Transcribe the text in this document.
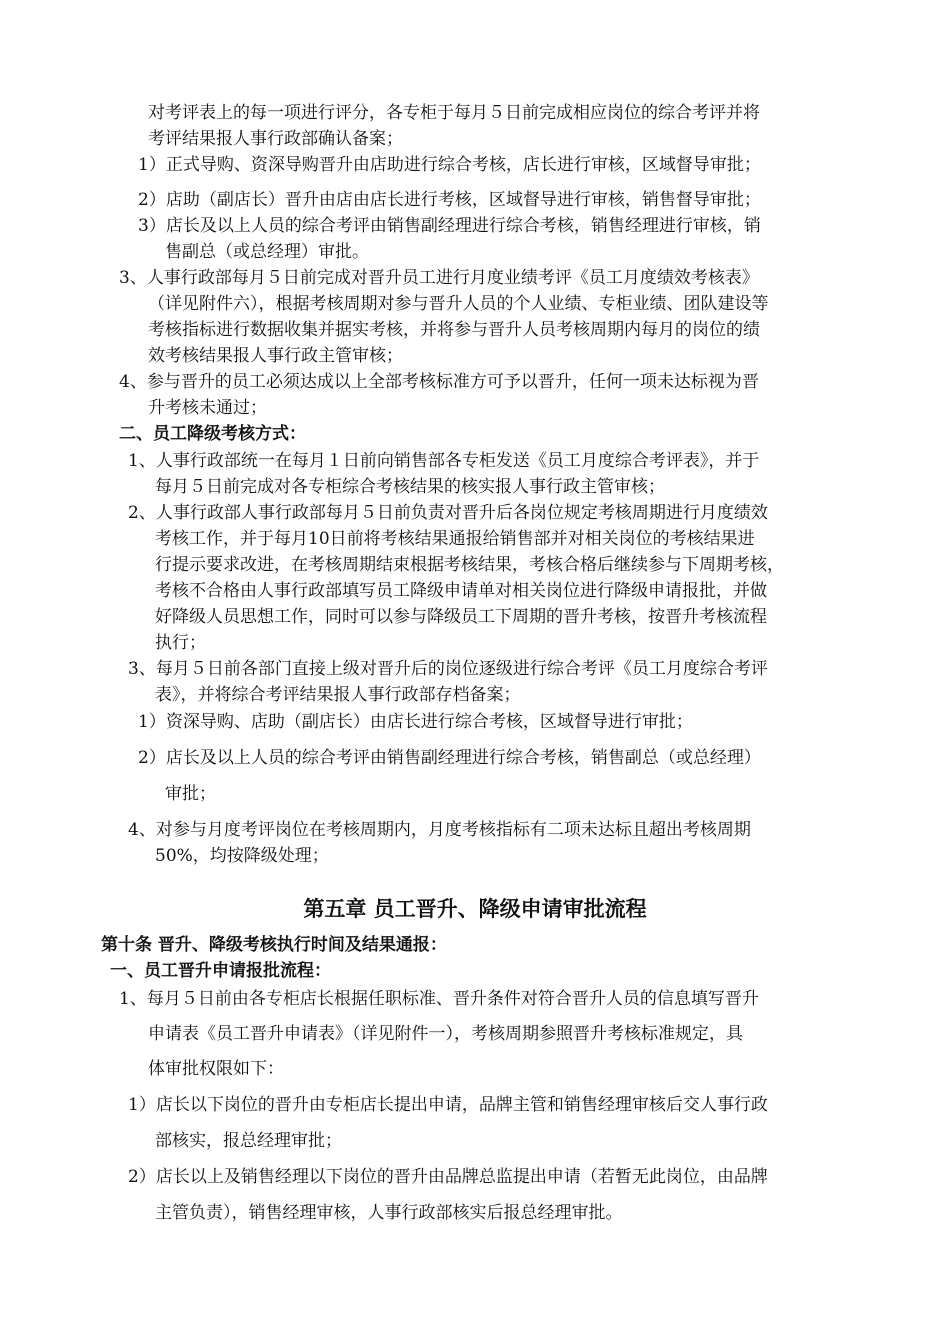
对考评表上的每一项进行评分，各专柜于每月５日前完成相应岗位的综合考评并将
考评结果报人事行政部确认备案；
1）正式导购、资深导购晋升由店助进行综合考核，店长进行审核，区域督导审批；
2）店助（副店长）晋升由店由店长进行考核，区域督导进行审核，销售督导审批；
3）店长及以上人员的综合考评由销售副经理进行综合考核，销售经理进行审核，销
售副总（或总经理）审批。
3、人事行政部每月５日前完成对晋升员工进行月度业绩考评《员工月度绩效考核表》
（详见附件六），根据考核周期对参与晋升人员的个人业绩、专柜业绩、团队建设等
考核指标进行数据收集并据实考核，并将参与晋升人员考核周期内每月的岗位的绩
效考核结果报人事行政主管审核；
4、参与晋升的员工必须达成以上全部考核标准方可予以晋升，任何一项未达标视为晋
升考核未通过；
二、员工降级考核方式：
1、人事行政部统一在每月１日前向销售部各专柜发送《员工月度综合考评表》，并于
每月５日前完成对各专柜综合考核结果的核实报人事行政主管审核；
2、人事行政部人事行政部每月５日前负责对晋升后各岗位规定考核周期进行月度绩效
考核工作，并于每月10日前将考核结果通报给销售部并对相关岗位的考核结果进
行提示要求改进，在考核周期结束根据考核结果，考核合格后继续参与下周期考核，
考核不合格由人事行政部填写员工降级申请单对相关岗位进行降级申请报批，并做
好降级人员思想工作，同时可以参与降级员工下周期的晋升考核，按晋升考核流程
执行；
3、每月５日前各部门直接上级对晋升后的岗位逐级进行综合考评《员工月度综合考评
表》，并将综合考评结果报人事行政部存档备案；
1）资深导购、店助（副店长）由店长进行综合考核，区域督导进行审批；
2）店长及以上人员的综合考评由销售副经理进行综合考核，销售副总（或总经理）
审批；
4、对参与月度考评岗位在考核周期内，月度考核指标有二项未达标且超出考核周期
50%，均按降级处理；
第五章 员工晋升、降级申请审批流程
第十条 晋升、降级考核执行时间及结果通报：
一、员工晋升申请报批流程：
1、每月５日前由各专柜店长根据任职标准、晋升条件对符合晋升人员的信息填写晋升
申请表《员工晋升申请表》（详见附件一），考核周期参照晋升考核标准规定，具
体审批权限如下：
1）店长以下岗位的晋升由专柜店长提出申请，品牌主管和销售经理审核后交人事行政
部核实，报总经理审批；
2）店长以上及销售经理以下岗位的晋升由品牌总监提出申请（若暂无此岗位，由品牌
主管负责），销售经理审核，人事行政部核实后报总经理审批。
